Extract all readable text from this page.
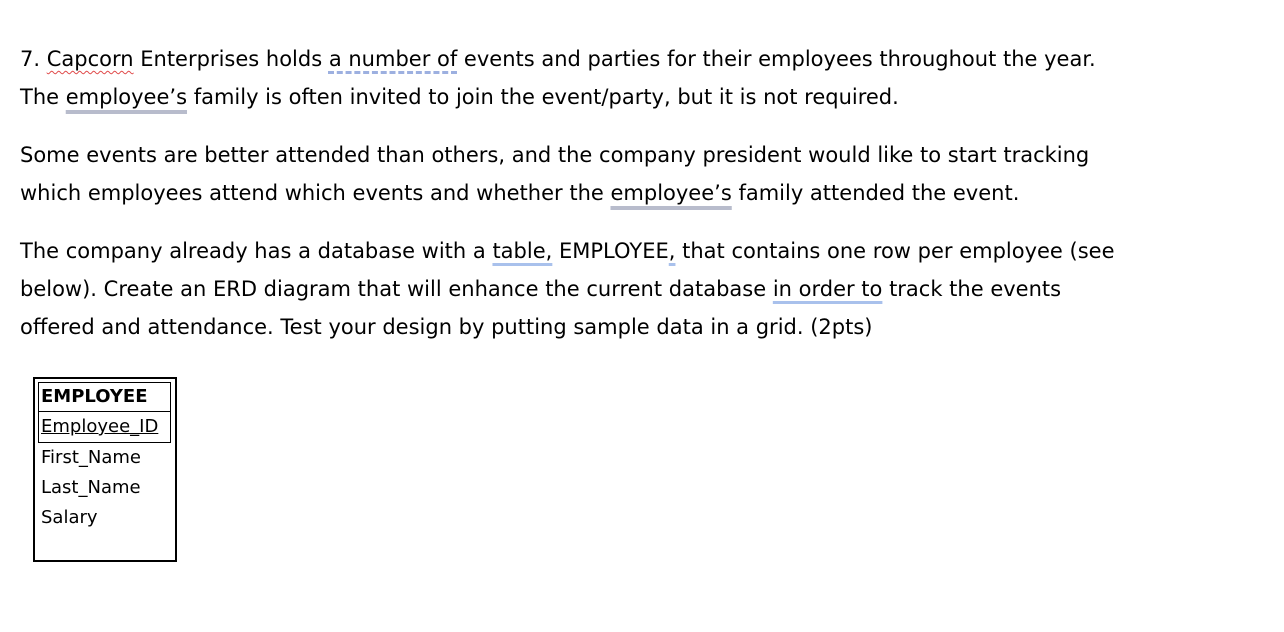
7. Capcorn Enterprises holds a number of events and parties for their employees throughout the year.
The employee’s family is often invited to join the event/party, but it is not required.
Some events are better attended than others, and the company president would like to start tracking
which employees attend which events and whether the employee’s family attended the event.
The company already has a database with a table, EMPLOYEE, that contains one row per employee (see
below). Create an ERD diagram that will enhance the current database in order to track the events
offered and attendance. Test your design by putting sample data in a grid. (2pts)
EMPLOYEE
Employee_ID
First_Name
Last_Name
Salary
